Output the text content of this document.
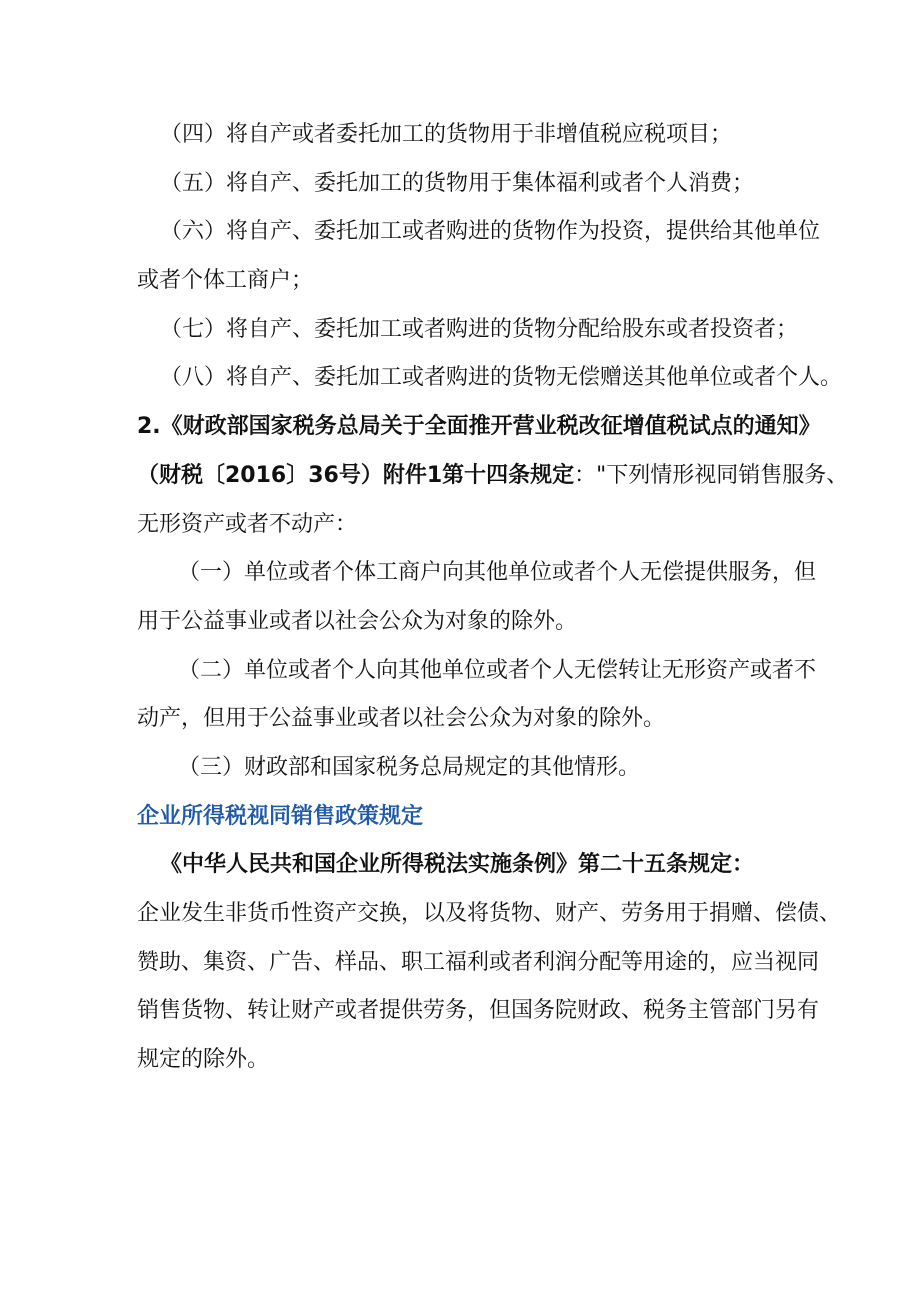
（四）将自产或者委托加工的货物用于非增值税应税项目；
（五）将自产、委托加工的货物用于集体福利或者个人消费；
（六）将自产、委托加工或者购进的货物作为投资，提供给其他单位
或者个体工商户；
（七）将自产、委托加工或者购进的货物分配给股东或者投资者；
（八）将自产、委托加工或者购进的货物无偿赠送其他单位或者个人。
2.《财政部国家税务总局关于全面推开营业税改征增值税试点的通知》
（财税〔2016〕36号）附件1第十四条规定："下列情形视同销售服务、
无形资产或者不动产：
（一）单位或者个体工商户向其他单位或者个人无偿提供服务，但
用于公益事业或者以社会公众为对象的除外。
（二）单位或者个人向其他单位或者个人无偿转让无形资产或者不
动产，但用于公益事业或者以社会公众为对象的除外。
（三）财政部和国家税务总局规定的其他情形。
企业所得税视同销售政策规定
《中华人民共和国企业所得税法实施条例》第二十五条规定：
企业发生非货币性资产交换，以及将货物、财产、劳务用于捐赠、偿债、
赞助、集资、广告、样品、职工福利或者利润分配等用途的，应当视同
销售货物、转让财产或者提供劳务，但国务院财政、税务主管部门另有
规定的除外。
